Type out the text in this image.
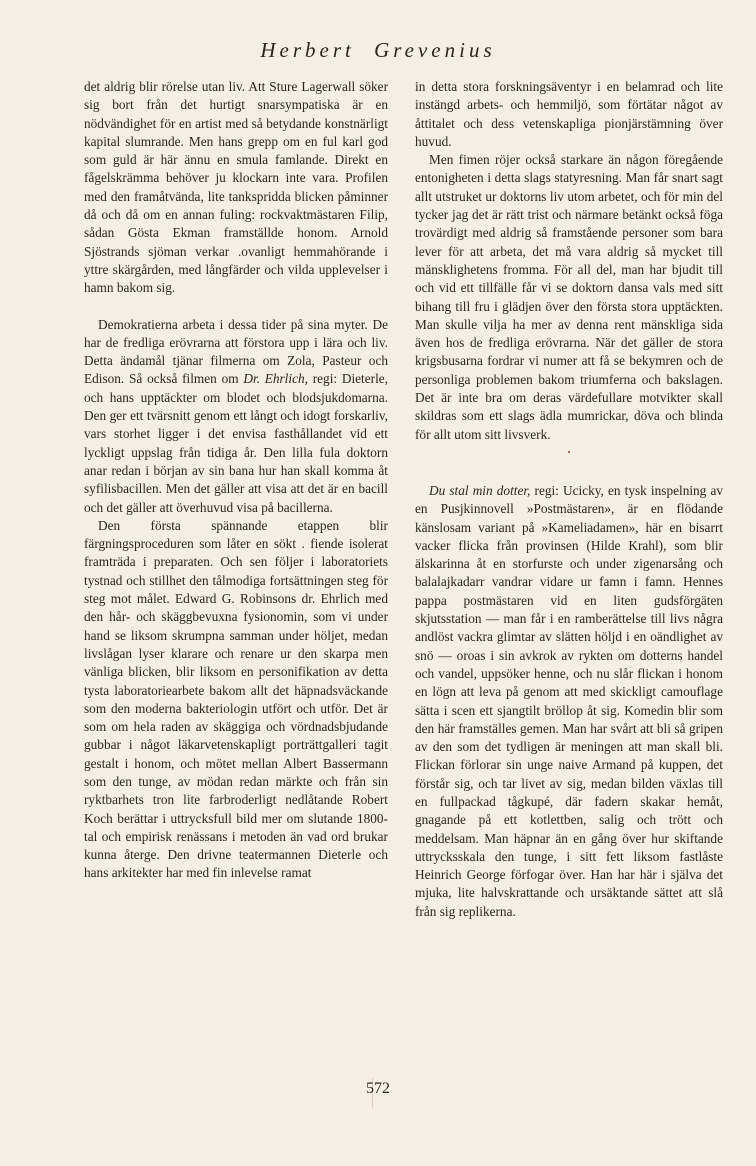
Herbert Grevenius

det aldrig blir rörelse utan liv. Att Sture Lagerwall söker sig bort från det hurtigt snarsympatiska är en nödvändighet för en artist med så betydande konstnärligt kapital slumrande. Men hans grepp om en ful karl god som guld är här ännu en smula famlande. Direkt en fågelskrämma behöver ju klockarn inte vara. Profilen med den framåtvända, lite tankspridda blicken påminner då och då om en annan fuling: rockvaktmästaren Filip, sådan Gösta Ekman framställde honom. Arnold Sjöstrands sjöman verkar .ovanligt hemmahörande i yttre skärgården, med långfärder och vilda upplevelser i hamn bakom sig.

Demokratierna arbeta i dessa tider på sina myter. De har de fredliga erövrarna att förstora upp i lära och liv. Detta ändamål tjänar filmerna om Zola, Pasteur och Edison. Så också filmen om Dr. Ehrlich, regi: Dieterle, och hans upptäckter om blodet och blodsjukdomarna. Den ger ett tvärsnitt genom ett långt och idogt forskarliv, vars storhet ligger i det envisa fasthållandet vid ett lyckligt uppslag från tidiga år. Den lilla fula doktorn anar redan i början av sin bana hur han skall komma åt syfilisbacillen. Men det gäller att visa att det är en bacill och det gäller att överhuvud visa på bacillerna.

Den första spännande etappen blir färgningsproceduren som låter en sökt . fiende isolerat framträda i preparaten. Och sen följer i laboratoriets tystnad och stillhet den tålmodiga fortsättningen steg för steg mot målet. Edward G. Robinsons dr. Ehrlich med den hår- och skäggbevuxna fysionomin, som vi under hand se liksom skrumpna samman under höljet, medan livslågan lyser klarare och renare ur den skarpa men vänliga blicken, blir liksom en personifikation av detta tysta laboratoriearbete bakom allt det häpnadsväckande som den moderna bakteriologin utfört och utför. Det är som om hela raden av skäggiga och vördnadsbjudande gubbar i något läkarvetenskapligt porträttgalleri tagit gestalt i honom, och mötet mellan Albert Bassermann som den tunge, av mödan redan märkte och från sin ryktbarhets tron lite farbroderligt nedlåtande Robert Koch berättar i uttrycksfull bild mer om slutande 1800-tal och empirisk renässans i metoden än vad ord brukar kunna återge. Den drivne teatermannen Dieterle och hans arkitekter har med fin inlevelse ramat

in detta stora forskningsäventyr i en belamrad och lite instängd arbets- och hemmiljö, som förtätar något av åttitalet och dess vetenskapliga pionjärstämning över huvud.

Men fimen röjer också starkare än någon föregående entonigheten i detta slags statyresning. Man får snart sagt allt utstruket ur doktorns liv utom arbetet, och för min del tycker jag det är rätt trist och närmare betänkt också föga trovärdigt med aldrig så framstående personer som bara lever för att arbeta, det må vara aldrig så mycket till mänsklighetens fromma. För all del, man har bjudit till och vid ett tillfälle får vi se doktorn dansa vals med sitt bihang till fru i glädjen över den första stora upptäckten. Man skulle vilja ha mer av denna rent mänskliga sida även hos de fredliga erövrarna. När det gäller de stora krigsbusarna fordrar vi numer att få se bekymren och de personliga problemen bakom triumferna och bakslagen. Det är inte bra om deras värdefullare motvikter skall skildras som ett slags ädla mumrickar, döva och blinda för allt utom sitt livsverk.

•

Du stal min dotter, regi: Ucicky, en tysk inspelning av en Pusjkinnovell »Postmästaren», är en flödande känslosam variant på »Kameliadamen», här en bisarrt vacker flicka från provinsen (Hilde Krahl), som blir älskarinna åt en storfurste och under zigenarsång och balalajkadarr vandrar vidare ur famn i famn. Hennes pappa postmästaren vid en liten gudsförgäten skjutsstation — man får i en ramberättelse till livs några andlöst vackra glimtar av slätten höljd i en oändlighet av snö — oroas i sin avkrok av rykten om dotterns handel och vandel, uppsöker henne, och nu slår flickan i honom en lögn att leva på genom att med skickligt camouflage sätta i scen ett sjangtilt bröllop åt sig. Komedin blir som den här framställes gemen. Man har svårt att bli så gripen av den som det tydligen är meningen att man skall bli. Flickan förlorar sin unge naive Armand på kuppen, det förstår sig, och tar livet av sig, medan bilden växlas till en fullpackad tågkupé, där fadern skakar hemåt, gnagande på ett kotlettben, salig och trött och meddelsam. Man häpnar än en gång över hur skiftande uttrycksskala den tunge, i sitt fett liksom fastlåste Heinrich George förfogar över. Han har här i själva det mjuka, lite halvskrattande och ursäktande sättet att slå från sig replikerna.

572
